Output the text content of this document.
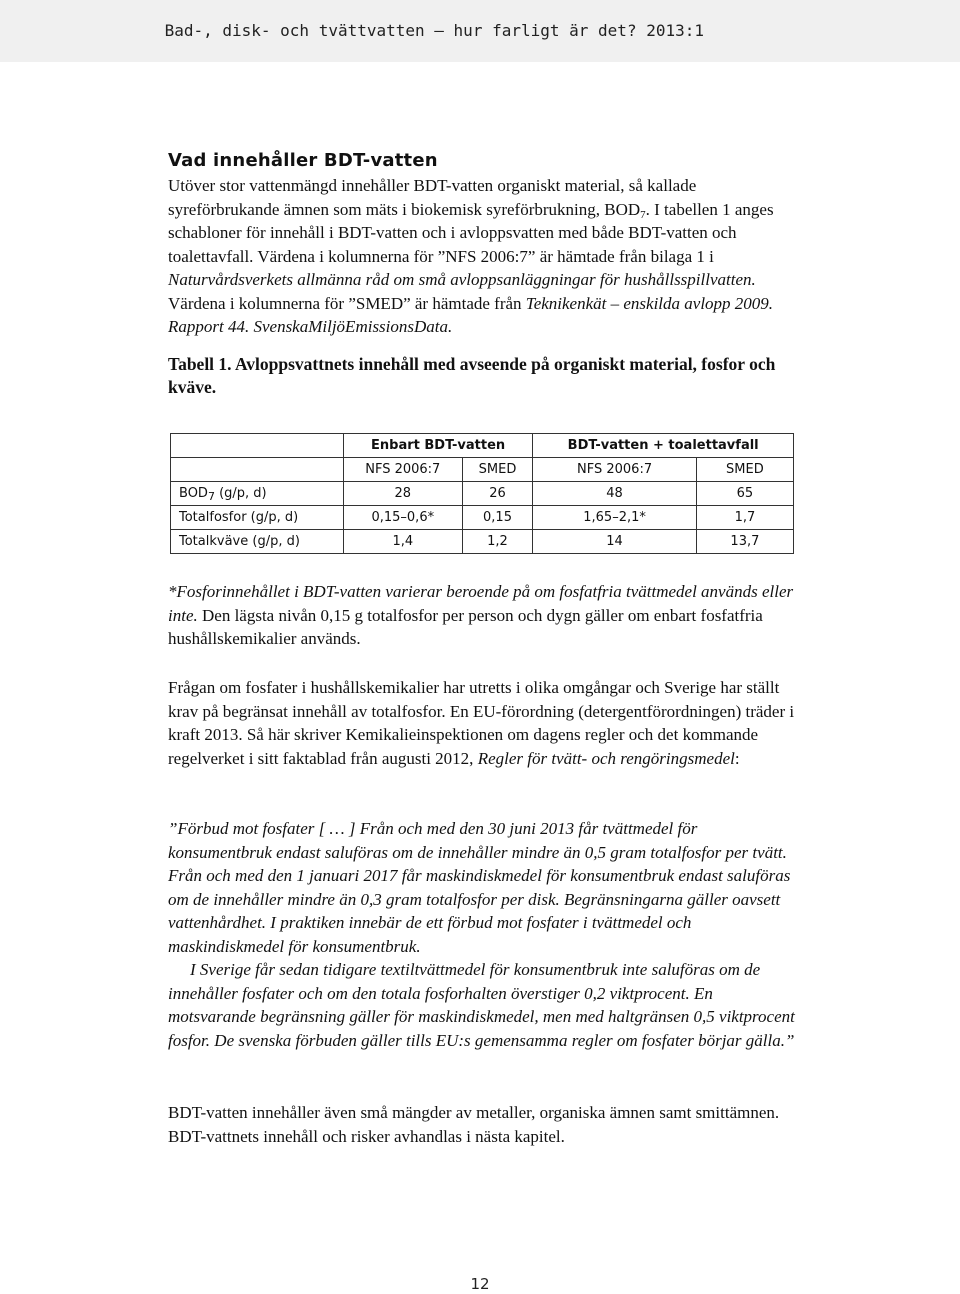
Bad-, disk- och tvättvatten – hur farligt är det? 2013:1
Vad innehåller BDT-vatten

Utöver stor vattenmängd innehåller BDT-vatten organiskt material, så kallade syreförbrukande ämnen som mäts i biokemisk syreförbrukning, $BOD_7$. I tabellen 1 anges schabloner för innehåll i BDT-vatten och i avloppsvatten med både BDT-vatten och toalettavfall. Värdena i kolumnerna för ”NFS 2006:7” är hämtade från bilaga 1 i Naturvårdsverkets allmänna råd om små avloppsanläggningar för hushållsspillvatten. Värdena i kolumnerna för ”SMED” är hämtade från Teknikenkät – enskilda avlopp 2009. Rapport 44. SvenskaMiljöEmissionsData.

Tabell 1. Avloppsvattnets innehåll med avseende på organiskt material, fosfor och kväve.

	Enbart BDT-vatten		BDT-vatten + toalettavfall	
	NFS 2006:7	SMED	NFS 2006:7	SMED
$BOD_7$ (g/p, d)	28	26	48	65
Totalfosfor (g/p, d)	0,15–0,6*	0,15	1,65–2,1*	1,7
Totalkväve (g/p, d)	1,4	1,2	14	13,7

*Fosforinnehållet i BDT-vatten varierar beroende på om fosfatfria tvättmedel används eller inte. Den lägsta nivån 0,15 g totalfosfor per person och dygn gäller om enbart fosfatfria hushållskemikalier används.

Frågan om fosfater i hushållskemikalier har utretts i olika omgångar och Sverige har ställt krav på begränsat innehåll av totalfosfor. En EU-förordning (detergentförordningen) träder i kraft 2013. Så här skriver Kemikalieinspektionen om dagens regler och det kommande regelverket i sitt faktablad från augusti 2012, Regler för tvätt- och rengöringsmedel:

”Förbud mot fosfater [ … ] Från och med den 30 juni 2013 får tvättmedel för konsumentbruk endast saluföras om de innehåller mindre än 0,5 gram totalfosfor per tvätt. Från och med den 1 januari 2017 får maskindiskmedel för konsumentbruk endast saluföras om de innehåller mindre än 0,3 gram totalfosfor per disk. Begränsningarna gäller oavsett vattenhårdhet. I praktiken innebär de ett förbud mot fosfater i tvättmedel och maskindiskmedel för konsumentbruk.

I Sverige får sedan tidigare textiltvättmedel för konsumentbruk inte saluföras om de innehåller fosfater och om den totala fosforhalten överstiger 0,2 viktprocent. En motsvarande begränsning gäller för maskindiskmedel, men med haltgränsen 0,5 viktprocent fosfor. De svenska förbuden gäller tills EU:s gemensamma regler om fosfater börjar gälla.”

BDT-vatten innehåller även små mängder av metaller, organiska ämnen samt smittämnen. BDT-vattnets innehåll och risker avhandlas i nästa kapitel.

12
